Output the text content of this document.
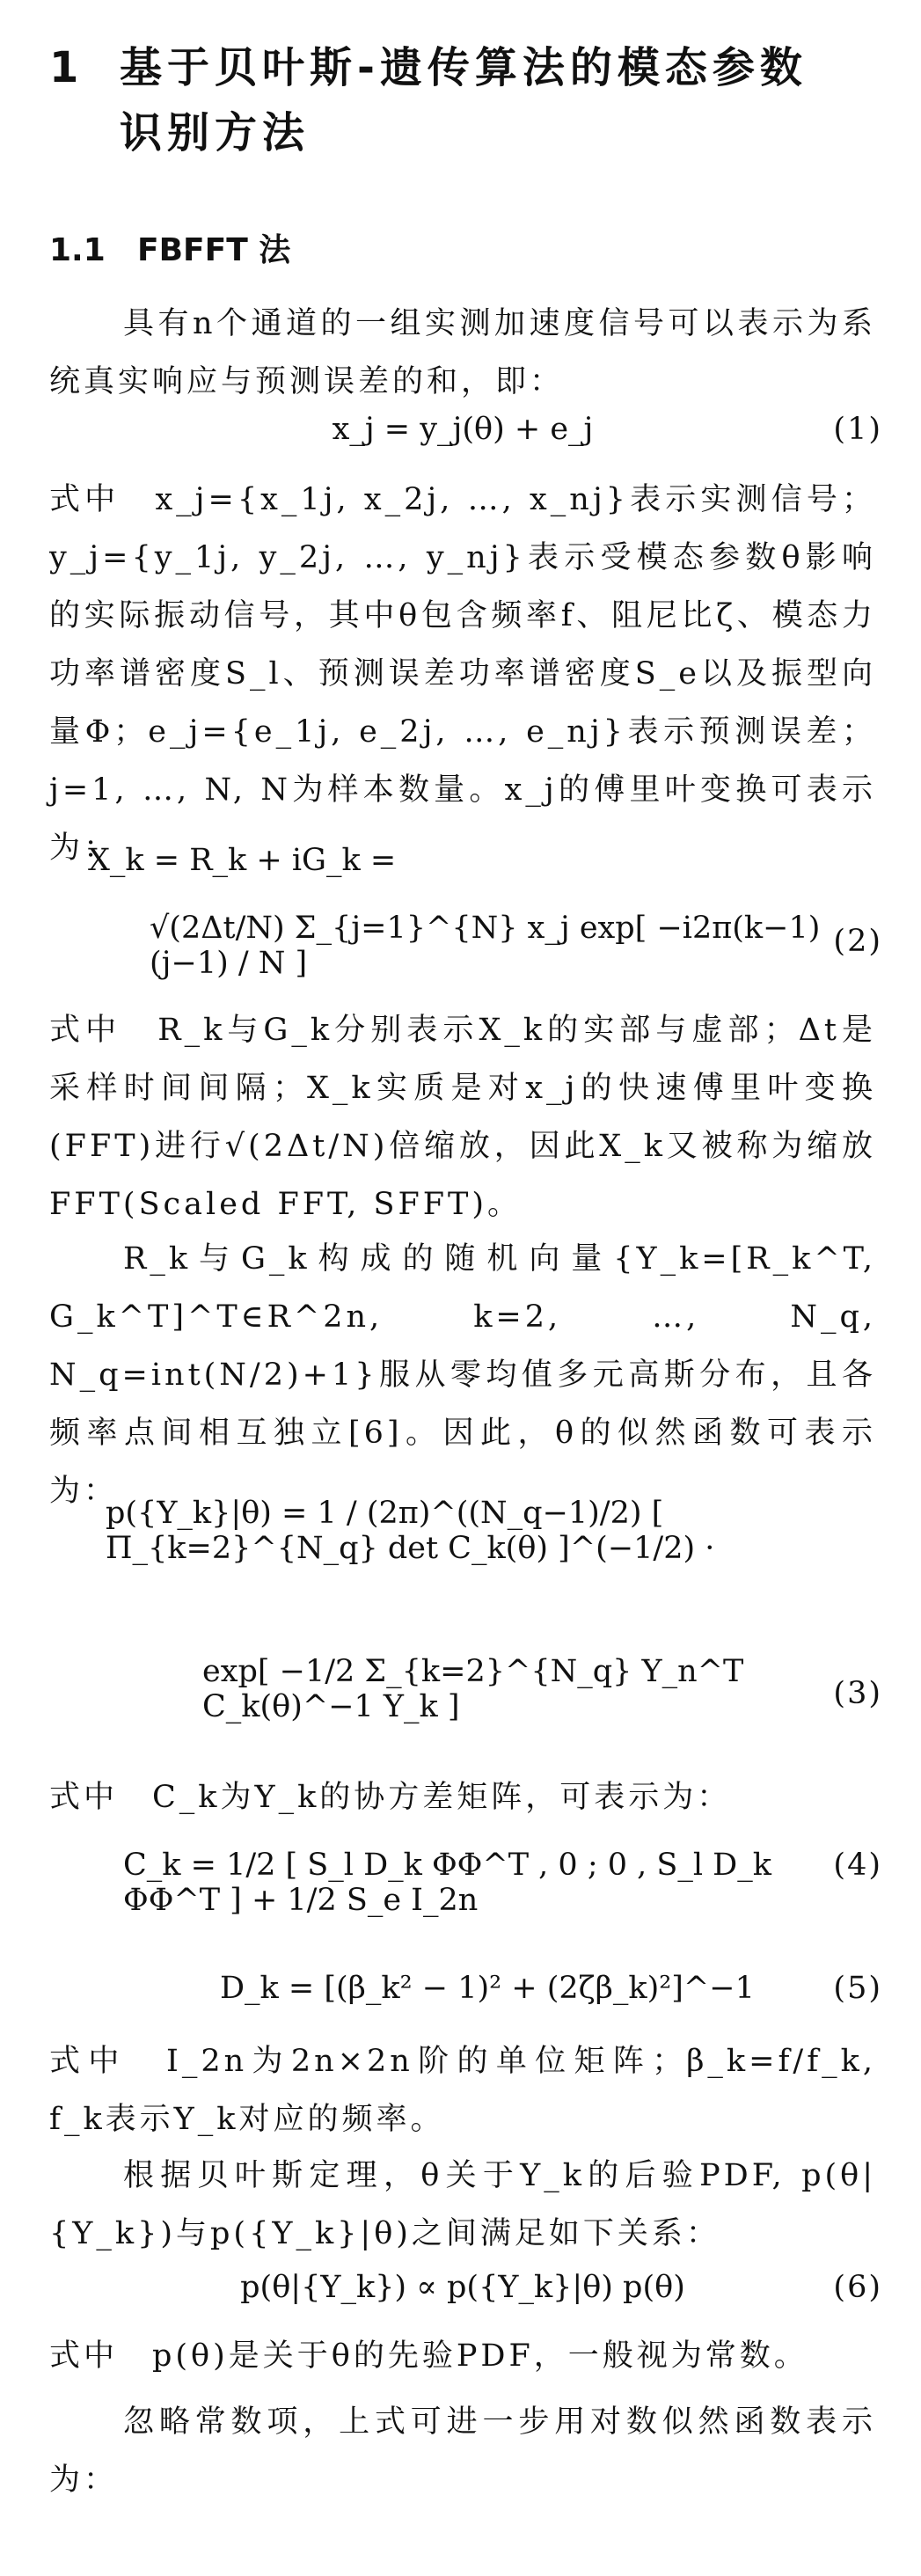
1 基于贝叶斯-遗传算法的模态参数
识别方法
1.1 FBFFT 法
具有n个通道的一组实测加速度信号可以表示为系统真实响应与预测误差的和，即：
x_j = y_j(θ) + e_j	(1)
式中　x_j={x_1j, x_2j, …, x_nj}表示实测信号；y_j={y_1j, y_2j, …, y_nj}表示受模态参数θ影响的实际振动信号，其中θ包含频率f、阻尼比ζ、模态力功率谱密度S_l、预测误差功率谱密度S_e以及振型向量Φ；e_j={e_1j, e_2j, …, e_nj}表示预测误差；j=1, …, N, N为样本数量。x_j的傅里叶变换可表示为：
X_k = R_k + iG_k =
√(2Δt/N) Σ_{j=1}^{N} x_j exp[ −i2π(k−1)(j−1) / N ]
(2)
式中　R_k与G_k分别表示X_k的实部与虚部；Δt是采样时间间隔；X_k实质是对x_j的快速傅里叶变换(FFT)进行√(2Δt/N)倍缩放，因此X_k又被称为缩放FFT(Scaled FFT, SFFT)。
R_k与G_k构成的随机向量{Y_k=[R_k^T, G_k^T]^T∈R^2n, k=2, …, N_q, N_q=int(N/2)+1}服从零均值多元高斯分布，且各频率点间相互独立[6]。因此，θ的似然函数可表示为：
p({Y_k}|θ) = 1 / (2π)^((N_q−1)/2) [ Π_{k=2}^{N_q} det C_k(θ) ]^(−1/2) ·
exp[ −1/2 Σ_{k=2}^{N_q} Y_n^T C_k(θ)^−1 Y_k ]	(3)
式中　C_k为Y_k的协方差矩阵，可表示为：
C_k = 1/2 [ S_l D_k ΦΦ^T , 0 ; 0 , S_l D_k ΦΦ^T ] + 1/2 S_e I_2n
(4)
D_k = [(β_k² − 1)² + (2ζβ_k)²]^−1	(5)
式中　I_2n为2n×2n阶的单位矩阵；β_k=f/f_k, f_k表示Y_k对应的频率。
根据贝叶斯定理，θ关于Y_k的后验PDF, p(θ|{Y_k})与p({Y_k}|θ)之间满足如下关系：
p(θ|{Y_k}) ∝ p({Y_k}|θ) p(θ)	(6)
式中　p(θ)是关于θ的先验PDF，一般视为常数。
忽略常数项，上式可进一步用对数似然函数表示为：
